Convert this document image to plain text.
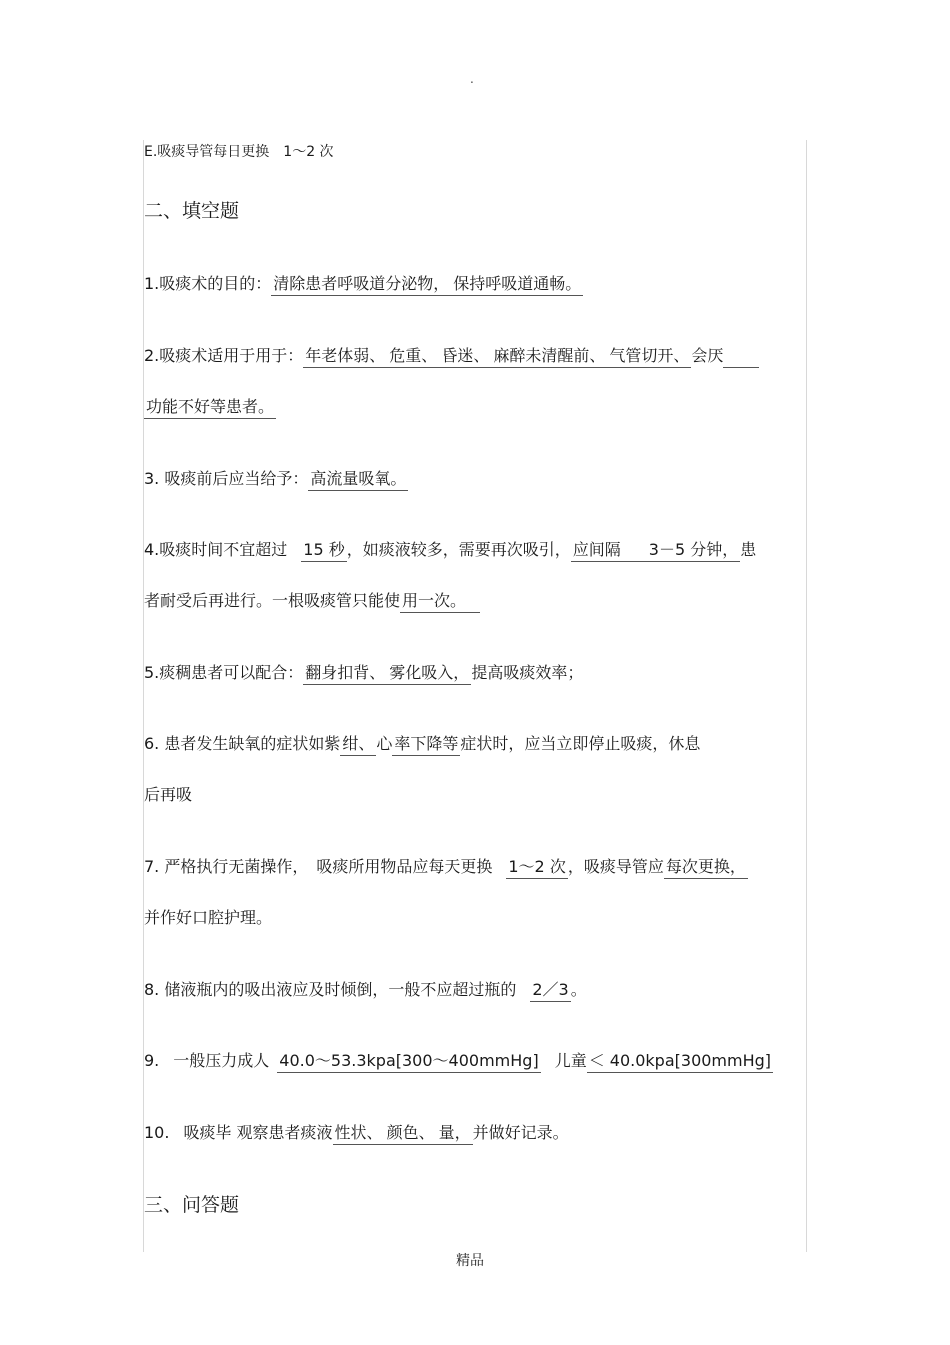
.
E.吸痰导管每日更换 1～2 次
二、填空题
1.吸痰术的目的： 清除患者呼吸道分泌物， 保持呼吸道通畅。
2.吸痰术适用于用于： 年老体弱、 危重、 昏迷、 麻醉未清醒前、 气管切开、 会厌
功能不好等患者。
3. 吸痰前后应当给予： 高流量吸氧。
4.吸痰时间不宜超过 15 秒 ，如痰液较多，需要再次吸引， 应间隔 3－5 分钟， 患
者耐受后再进行。一根吸痰管只能使 用一次。
5.痰稠患者可以配合： 翻身扣背、 雾化吸入， 提高吸痰效率；
6. 患者发生缺氧的症状如紫 绀、 心 率下降等 症状时，应当立即停止吸痰，休息
后再吸
7. 严格执行无菌操作， 吸痰所用物品应每天更换 1～2 次 ，吸痰导管应 每次更换，
并作好口腔护理。
8. 储液瓶内的吸出液应及时倾倒，一般不应超过瓶的 2／3 。
9. 一般压力成人 40.0～53.3kpa[300～400mmHg] 儿童 ＜ 40.0kpa[300mmHg]
10. 吸痰毕 观察患者痰液 性状、 颜色、 量， 并做好记录。
三、问答题
精品
